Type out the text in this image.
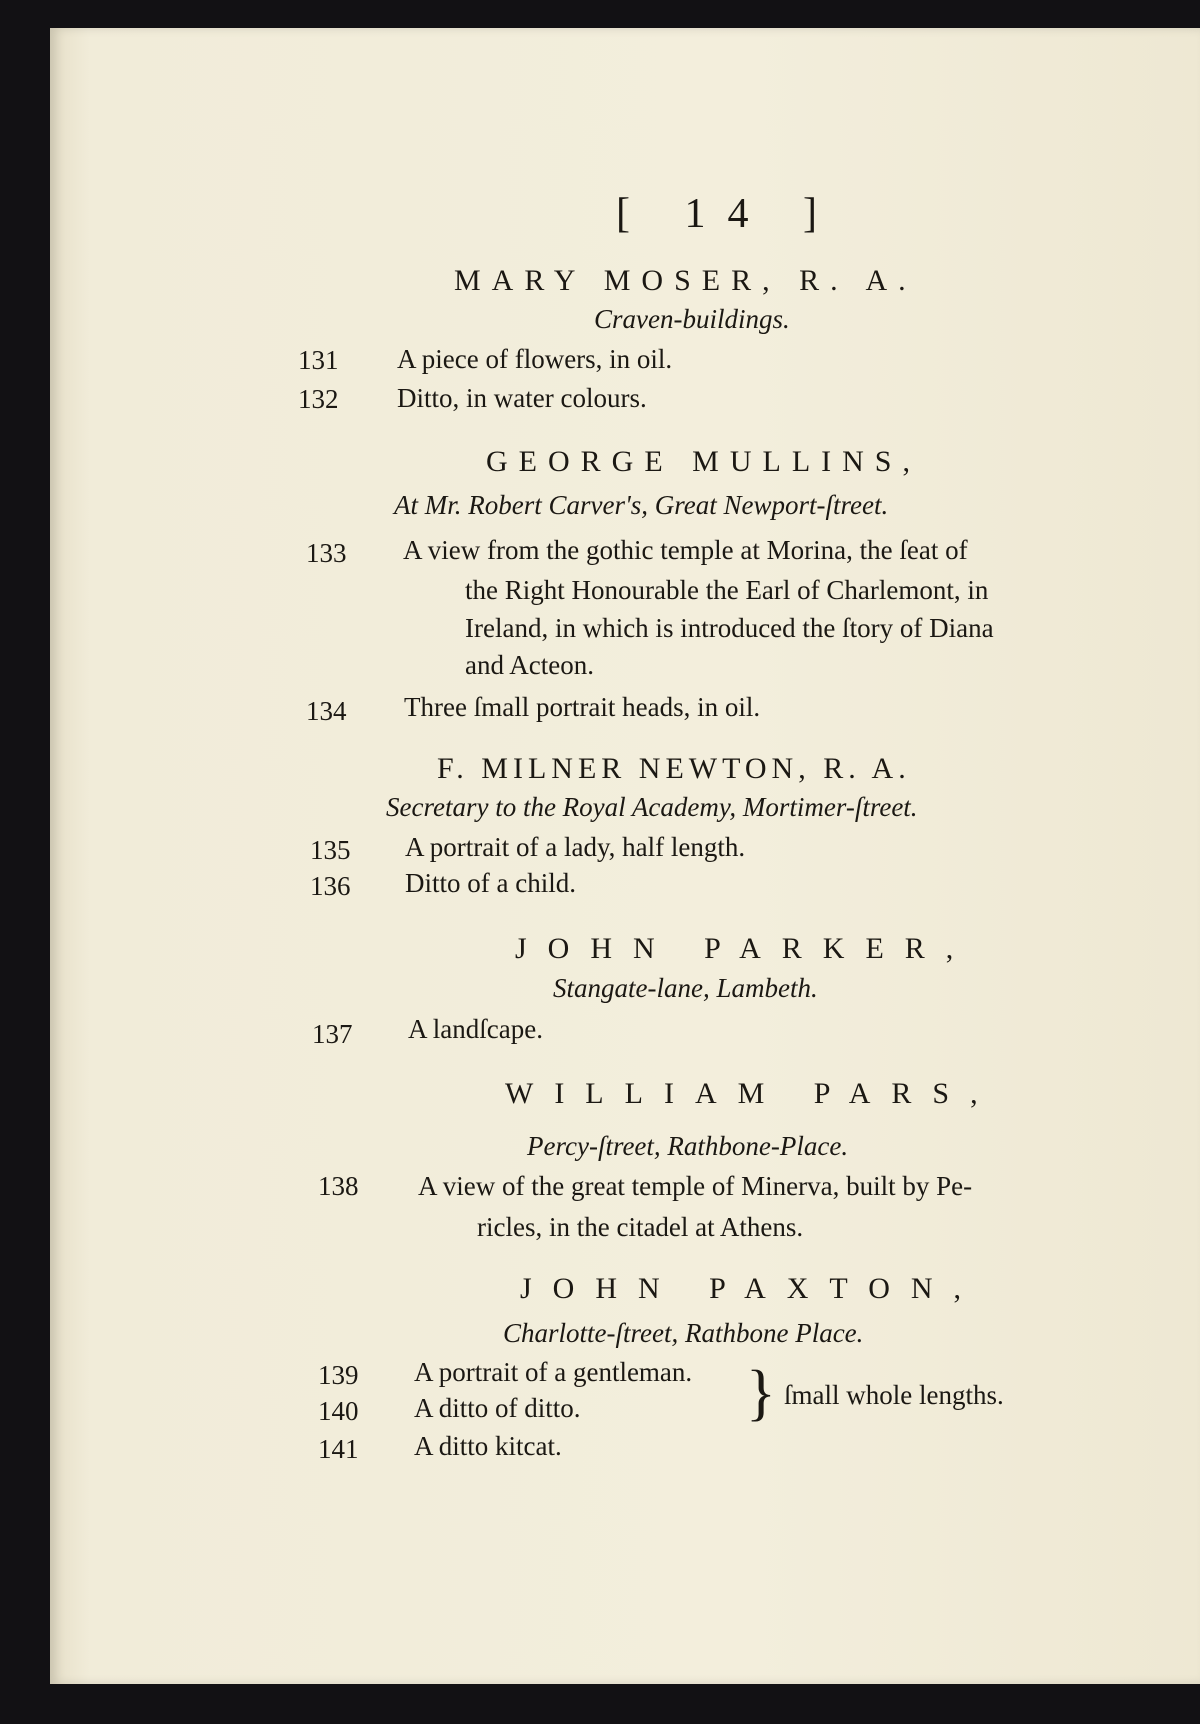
[ 14 ]
MARY MOSER, R. A.
Craven-buildings.
131 A piece of flowers, in oil.
132 Ditto, in water colours.
GEORGE MULLINS,
At Mr. Robert Carver's, Great Newport-ſtreet.
133 A view from the gothic temple at Morina, the ſeat of
the Right Honourable the Earl of Charlemont, in
Ireland, in which is introduced the ſtory of Diana
and Acteon.
134 Three ſmall portrait heads, in oil.
F. MILNER NEWTON, R. A.
Secretary to the Royal Academy, Mortimer-ſtreet.
135 A portrait of a lady, half length.
136 Ditto of a child.
JOHN PARKER,
Stangate-lane, Lambeth.
137 A landſcape.
WILLIAM PARS,
Percy-ſtreet, Rathbone-Place.
138 A view of the great temple of Minerva, built by Pe-
ricles, in the citadel at Athens.
JOHN PAXTON,
Charlotte-ſtreet, Rathbone Place.
139 A portrait of a gentleman.
140 A ditto of ditto.
141 A ditto kitcat.
} ſmall whole lengths.
